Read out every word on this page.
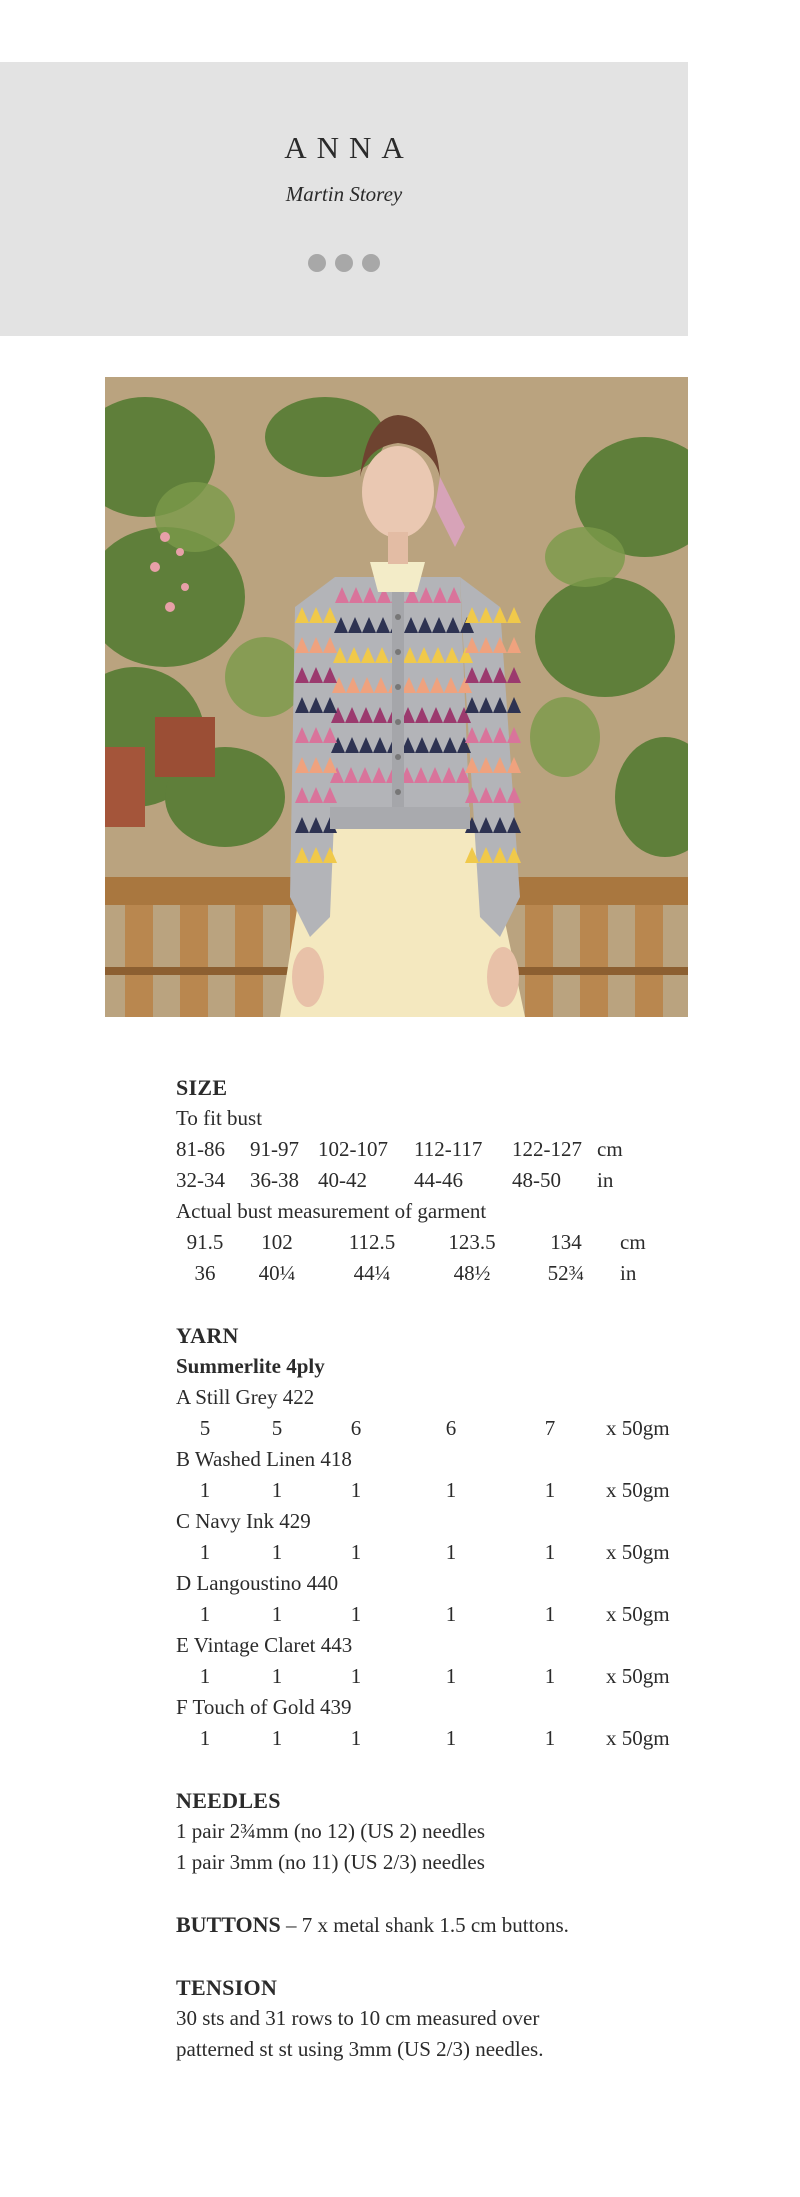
ANNA
Martin Storey
SIZE
To fit bust
81-86	91-97 102-107	112-117	122-127 cm
32-34	36-38 40-42	44-46	48-50	in
Actual bust measurement of garment
91.5	102	112.5	123.5	134	cm
36	40¼	44¼	48½	52¾	in
YARN
Summerlite 4ply
A Still Grey 422
5	5	6	6	7	x 50gm
B Washed Linen 418
1	1	1	1	1	x 50gm
C Navy Ink 429
1	1	1	1	1	x 50gm
D Langoustino 440
1	1	1	1	1	x 50gm
E Vintage Claret 443
1	1	1	1	1	x 50gm
F Touch of Gold 439
1	1	1	1	1	x 50gm
NEEDLES
1 pair 2¾mm (no 12) (US 2) needles
1 pair 3mm (no 11) (US 2/3) needles
BUTTONS – 7 x metal shank 1.5 cm buttons.
TENSION
30 sts and 31 rows to 10 cm measured over
patterned st st using 3mm (US 2/3) needles.
